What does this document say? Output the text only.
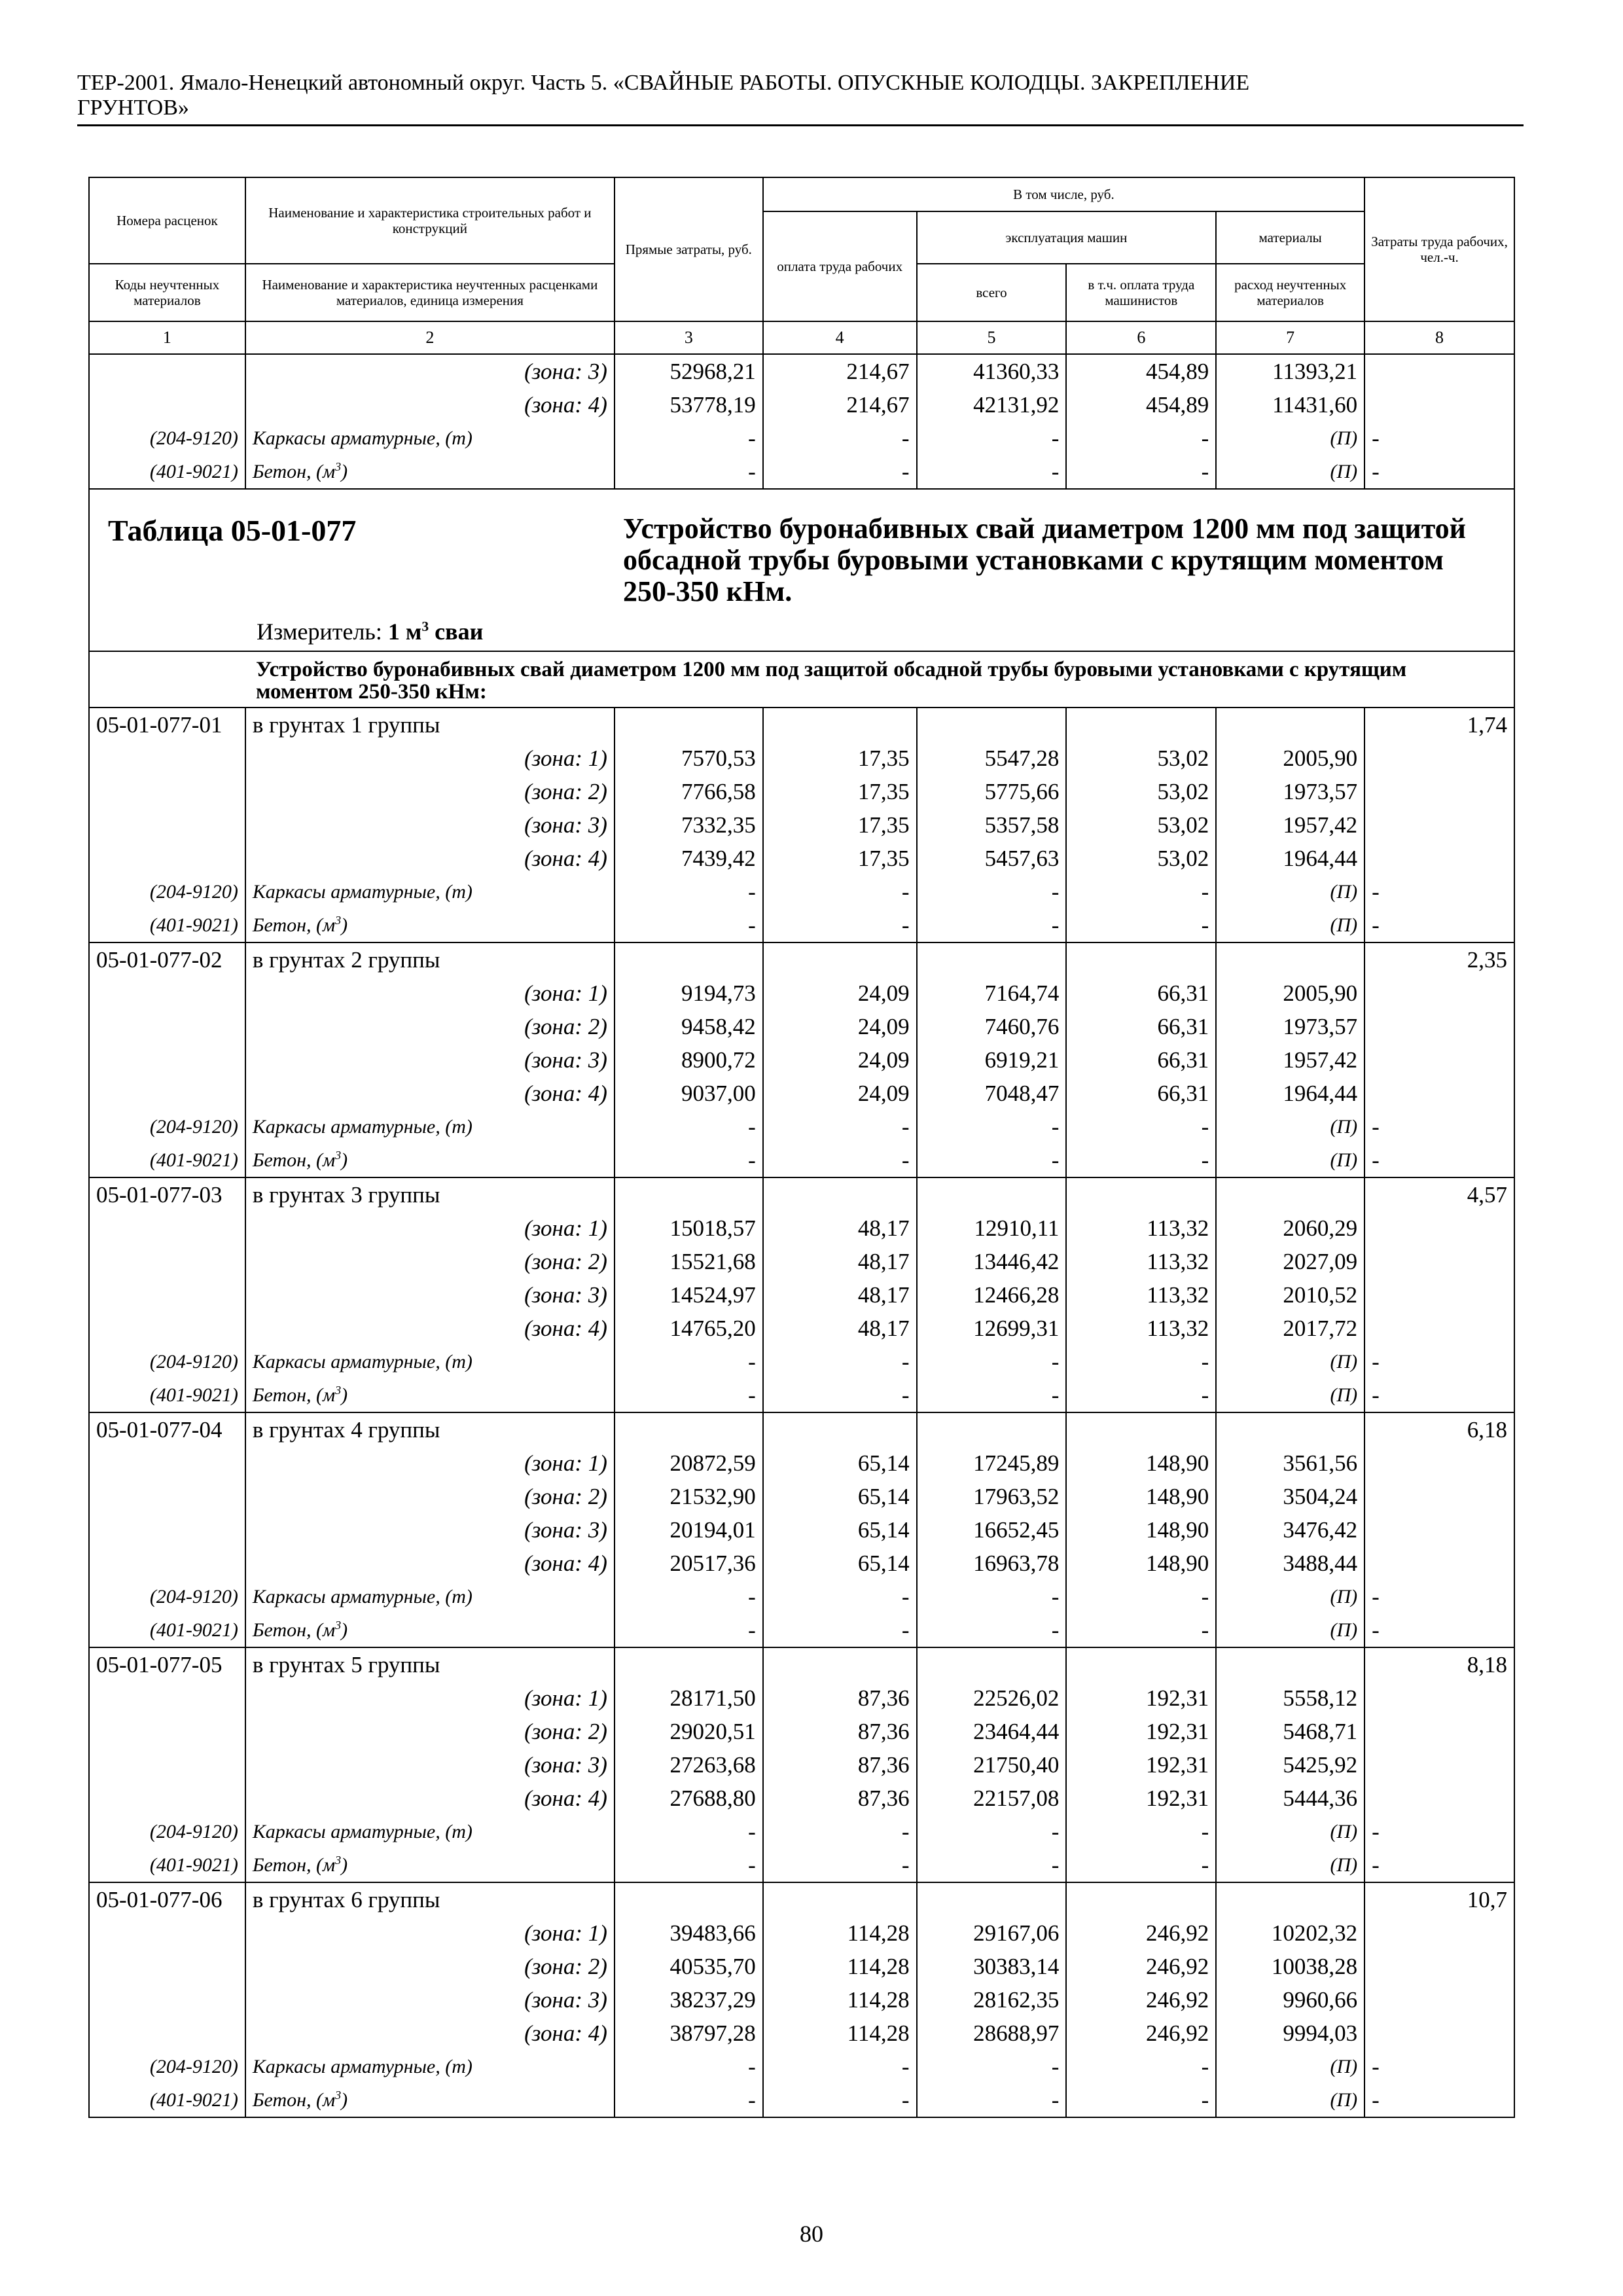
ТЕР-2001. Ямало-Ненецкий автономный округ. Часть 5. «СВАЙНЫЕ РАБОТЫ. ОПУСКНЫЕ КОЛОДЦЫ. ЗАКРЕПЛЕНИЕ
ГРУНТОВ»
Номера расценок	Наименование и характеристика строительных работ и конструкций	Прямые затраты, руб.	В том числе, руб.				Затраты труда рабочих, чел.-ч.
			оплата труда рабочих	эксплуатация машин		материалы	
Коды неучтенных материалов	Наименование и характеристика неучтенных расценками материалов, единица измерения			всего	в т.ч. оплата труда машинистов	расход неучтенных материалов	
1	2	3	4	5	6	7	8
	(зона: 3)	52968,21	214,67	41360,33	454,89	11393,21	
	(зона: 4)	53778,19	214,67	42131,92	454,89	11431,60	
(204-9120)	Каркасы арматурные, (т)	-	-	-	-	(П)	-
(401-9021)	Бетон, $(м^3)$	-	-	-	-	(П)	-

Таблица 05-01-077 Устройство буронабивных свай диаметром 1200 мм под защитой обсадной трубы буровыми установками с крутящим моментом 250-350 кНм.
Измеритель: 1 $м^3$ сваи							

Устройство буронабивных свай диаметром 1200 мм под защитой обсадной трубы буровыми установками с крутящим моментом 250-350 кНм:							
05-01-077-01	в грунтах 1 группы						1,74
	(зона: 1)	7570,53	17,35	5547,28	53,02	2005,90	
	(зона: 2)	7766,58	17,35	5775,66	53,02	1973,57	
	(зона: 3)	7332,35	17,35	5357,58	53,02	1957,42	
	(зона: 4)	7439,42	17,35	5457,63	53,02	1964,44	
(204-9120)	Каркасы арматурные, (т)	-	-	-	-	(П)	-
(401-9021)	Бетон, $(м^3)$	-	-	-	-	(П)	-
05-01-077-02	в грунтах 2 группы						2,35
	(зона: 1)	9194,73	24,09	7164,74	66,31	2005,90	
	(зона: 2)	9458,42	24,09	7460,76	66,31	1973,57	
	(зона: 3)	8900,72	24,09	6919,21	66,31	1957,42	
	(зона: 4)	9037,00	24,09	7048,47	66,31	1964,44	
(204-9120)	Каркасы арматурные, (т)	-	-	-	-	(П)	-
(401-9021)	Бетон, $(м^3)$	-	-	-	-	(П)	-
05-01-077-03	в грунтах 3 группы						4,57
	(зона: 1)	15018,57	48,17	12910,11	113,32	2060,29	
	(зона: 2)	15521,68	48,17	13446,42	113,32	2027,09	
	(зона: 3)	14524,97	48,17	12466,28	113,32	2010,52	
	(зона: 4)	14765,20	48,17	12699,31	113,32	2017,72	
(204-9120)	Каркасы арматурные, (т)	-	-	-	-	(П)	-
(401-9021)	Бетон, $(м^3)$	-	-	-	-	(П)	-
05-01-077-04	в грунтах 4 группы						6,18
	(зона: 1)	20872,59	65,14	17245,89	148,90	3561,56	
	(зона: 2)	21532,90	65,14	17963,52	148,90	3504,24	
	(зона: 3)	20194,01	65,14	16652,45	148,90	3476,42	
	(зона: 4)	20517,36	65,14	16963,78	148,90	3488,44	
(204-9120)	Каркасы арматурные, (т)	-	-	-	-	(П)	-
(401-9021)	Бетон, $(м^3)$	-	-	-	-	(П)	-
05-01-077-05	в грунтах 5 группы						8,18
	(зона: 1)	28171,50	87,36	22526,02	192,31	5558,12	
	(зона: 2)	29020,51	87,36	23464,44	192,31	5468,71	
	(зона: 3)	27263,68	87,36	21750,40	192,31	5425,92	
	(зона: 4)	27688,80	87,36	22157,08	192,31	5444,36	
(204-9120)	Каркасы арматурные, (т)	-	-	-	-	(П)	-
(401-9021)	Бетон, $(м^3)$	-	-	-	-	(П)	-
05-01-077-06	в грунтах 6 группы						10,7
	(зона: 1)	39483,66	114,28	29167,06	246,92	10202,32	
	(зона: 2)	40535,70	114,28	30383,14	246,92	10038,28	
	(зона: 3)	38237,29	114,28	28162,35	246,92	9960,66	
	(зона: 4)	38797,28	114,28	28688,97	246,92	9994,03	
(204-9120)	Каркасы арматурные, (т)	-	-	-	-	(П)	-
(401-9021)	Бетон, $(м^3)$	-	-	-	-	(П)	-
80
